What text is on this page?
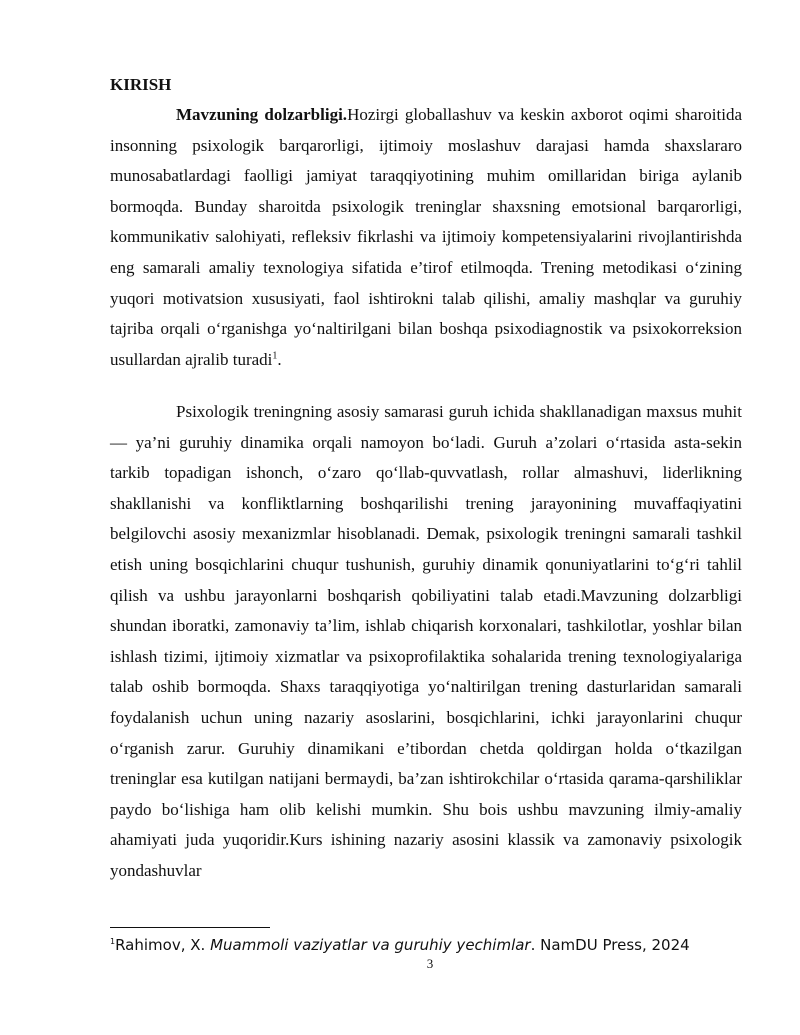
KIRISH

Mavzuning dolzarbligi.Hozirgi globallashuv va keskin axborot oqimi sharoitida insonning psixologik barqarorligi, ijtimoiy moslashuv darajasi hamda shaxslararo munosabatlardagi faolligi jamiyat taraqqiyotining muhim omillaridan biriga aylanib bormoqda. Bunday sharoitda psixologik treninglar shaxsning emotsional barqarorligi, kommunikativ salohiyati, refleksiv fikrlashi va ijtimoiy kompetensiyalarini rivojlantirishda eng samarali amaliy texnologiya sifatida e’tirof etilmoqda. Trening metodikasi o‘zining yuqori motivatsion xususiyati, faol ishtirokni talab qilishi, amaliy mashqlar va guruhiy tajriba orqali o‘rganishga yo‘naltirilgani bilan boshqa psixodiagnostik va psixokorreksion usullardan ajralib turadi$^1$.

Psixologik treningning asosiy samarasi guruh ichida shakllanadigan maxsus muhit — ya’ni guruhiy dinamika orqali namoyon bo‘ladi. Guruh a’zolari o‘rtasida asta-sekin tarkib topadigan ishonch, o‘zaro qo‘llab-quvvatlash, rollar almashuvi, liderlikning shakllanishi va konfliktlarning boshqarilishi trening jarayonining muvaffaqiyatini belgilovchi asosiy mexanizmlar hisoblanadi. Demak, psixologik treningni samarali tashkil etish uning bosqichlarini chuqur tushunish, guruhiy dinamik qonuniyatlarini to‘g‘ri tahlil qilish va ushbu jarayonlarni boshqarish qobiliyatini talab etadi.Mavzuning dolzarbligi shundan iboratki, zamonaviy ta’lim, ishlab chiqarish korxonalari, tashkilotlar, yoshlar bilan ishlash tizimi, ijtimoiy xizmatlar va psixoprofilaktika sohalarida trening texnologiyalariga talab oshib bormoqda. Shaxs taraqqiyotiga yo‘naltirilgan trening dasturlaridan samarali foydalanish uchun uning nazariy asoslarini, bosqichlarini, ichki jarayonlarini chuqur o‘rganish zarur. Guruhiy dinamikani e’tibordan chetda qoldirgan holda o‘tkazilgan treninglar esa kutilgan natijani bermaydi, ba’zan ishtirokchilar o‘rtasida qarama-qarshiliklar paydo bo‘lishiga ham olib kelishi mumkin. Shu bois ushbu mavzuning ilmiy-amaliy ahamiyati juda yuqoridir.Kurs ishining nazariy asosini klassik va zamonaviy psixologik yondashuvlar

$^1$Rahimov, X. Muammoli vaziyatlar va guruhiy yechimlar. NamDU Press, 2024

3
